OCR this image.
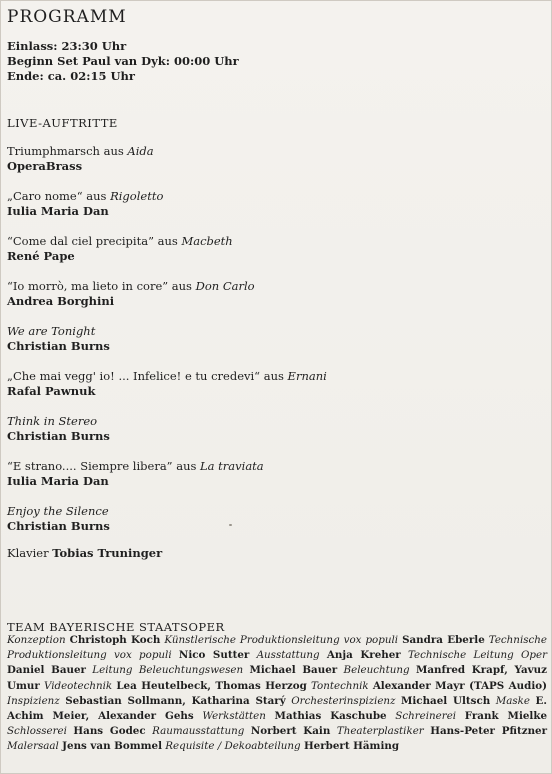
PROGRAMM
Einlass: 23:30 Uhr
Beginn Set Paul van Dyk: 00:00 Uhr
Ende: ca. 02:15 Uhr
LIVE-AUFTRITTE
Triumphmarsch aus Aida
OperaBrass
„Caro nome“ aus Rigoletto
Iulia Maria Dan
“Come dal ciel precipita” aus Macbeth
René Pape
“Io morrò, ma lieto in core” aus Don Carlo
Andrea Borghini
We are Tonight
Christian Burns
„Che mai vegg' io! ... Infelice! e tu credevi“ aus Ernani
Rafal Pawnuk
Think in Stereo
Christian Burns
“E strano.... Siempre libera” aus La traviata
Iulia Maria Dan
Enjoy the Silence
Christian Burns
Klavier Tobias Truninger
TEAM BAYERISCHE STAATSOPER
Konzeption Christoph Koch Künstlerische Produktionsleitung vox populi Sandra Eberle Technische Produktionsleitung vox populi Nico Sutter Ausstattung Anja Kreher Technische Leitung Oper Daniel Bauer Leitung Beleuchtungswesen Michael Bauer Beleuchtung Manfred Krapf, Yavuz Umur Videotechnik Lea Heutelbeck, Thomas Herzog Tontechnik Alexander Mayr (TAPS Audio) Inspizienz Sebastian Sollmann, Katharina Starý Orchesterinspizienz Michael Ultsch Maske E. Achim Meier, Alexander Gehs Werkstätten Mathias Kaschube Schreinerei Frank Mielke Schlosserei Hans Godec Raumausstattung Norbert Kain Theaterplastiker Hans-Peter Pfitzner Malersaal Jens van Bommel Requisite / Dekoabteilung Herbert Häming
